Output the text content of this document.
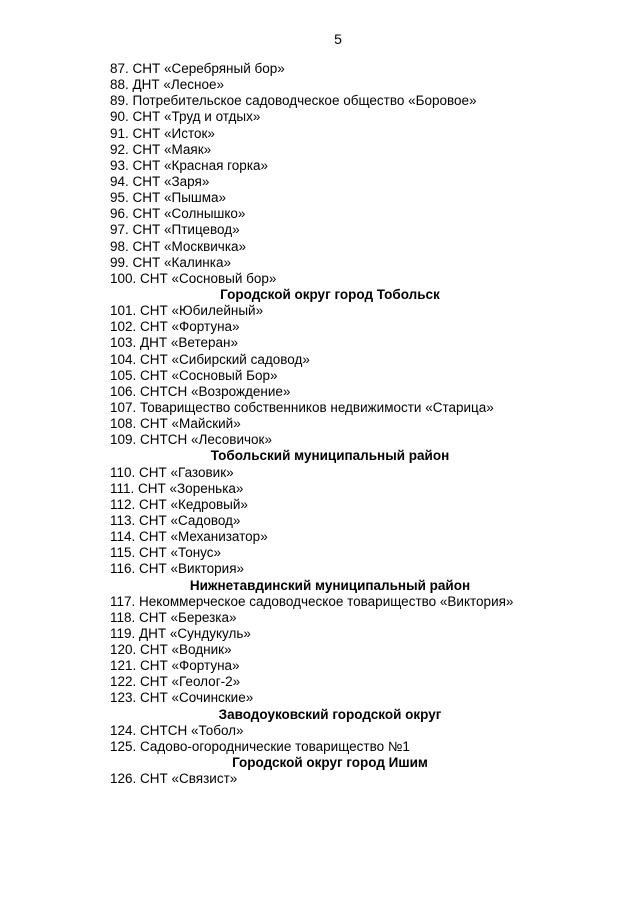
5
87. СНТ «Серебряный бор»
88. ДНТ «Лесное»
89. Потребительское садоводческое общество «Боровое»
90. СНТ «Труд и отдых»
91. СНТ «Исток»
92. СНТ «Маяк»
93. СНТ «Красная горка»
94. СНТ «Заря»
95. СНТ «Пышма»
96. СНТ «Солнышко»
97. СНТ «Птицевод»
98. СНТ «Москвичка»
99. СНТ «Калинка»
100. СНТ «Сосновый бор»
Городской округ город Тобольск
101. СНТ «Юбилейный»
102. СНТ «Фортуна»
103. ДНТ «Ветеран»
104. СНТ «Сибирский садовод»
105. СНТ «Сосновый Бор»
106. СНТСН «Возрождение»
107. Товарищество собственников недвижимости «Старица»
108. СНТ «Майский»
109. СНТСН «Лесовичок»
Тобольский муниципальный район
110. СНТ «Газовик»
111. СНТ «Зоренька»
112. СНТ «Кедровый»
113. СНТ «Садовод»
114. СНТ «Механизатор»
115. СНТ «Тонус»
116. СНТ «Виктория»
Нижнетавдинский муниципальный район
117. Некоммерческое садоводческое товарищество «Виктория»
118. СНТ «Березка»
119. ДНТ «Сундукуль»
120. СНТ «Водник»
121. СНТ «Фортуна»
122. СНТ «Геолог-2»
123. СНТ «Сочинские»
Заводоуковский городской округ
124. СНТСН «Тобол»
125. Садово-огороднические товарищество №1
Городской округ город Ишим
126. СНТ «Связист»
